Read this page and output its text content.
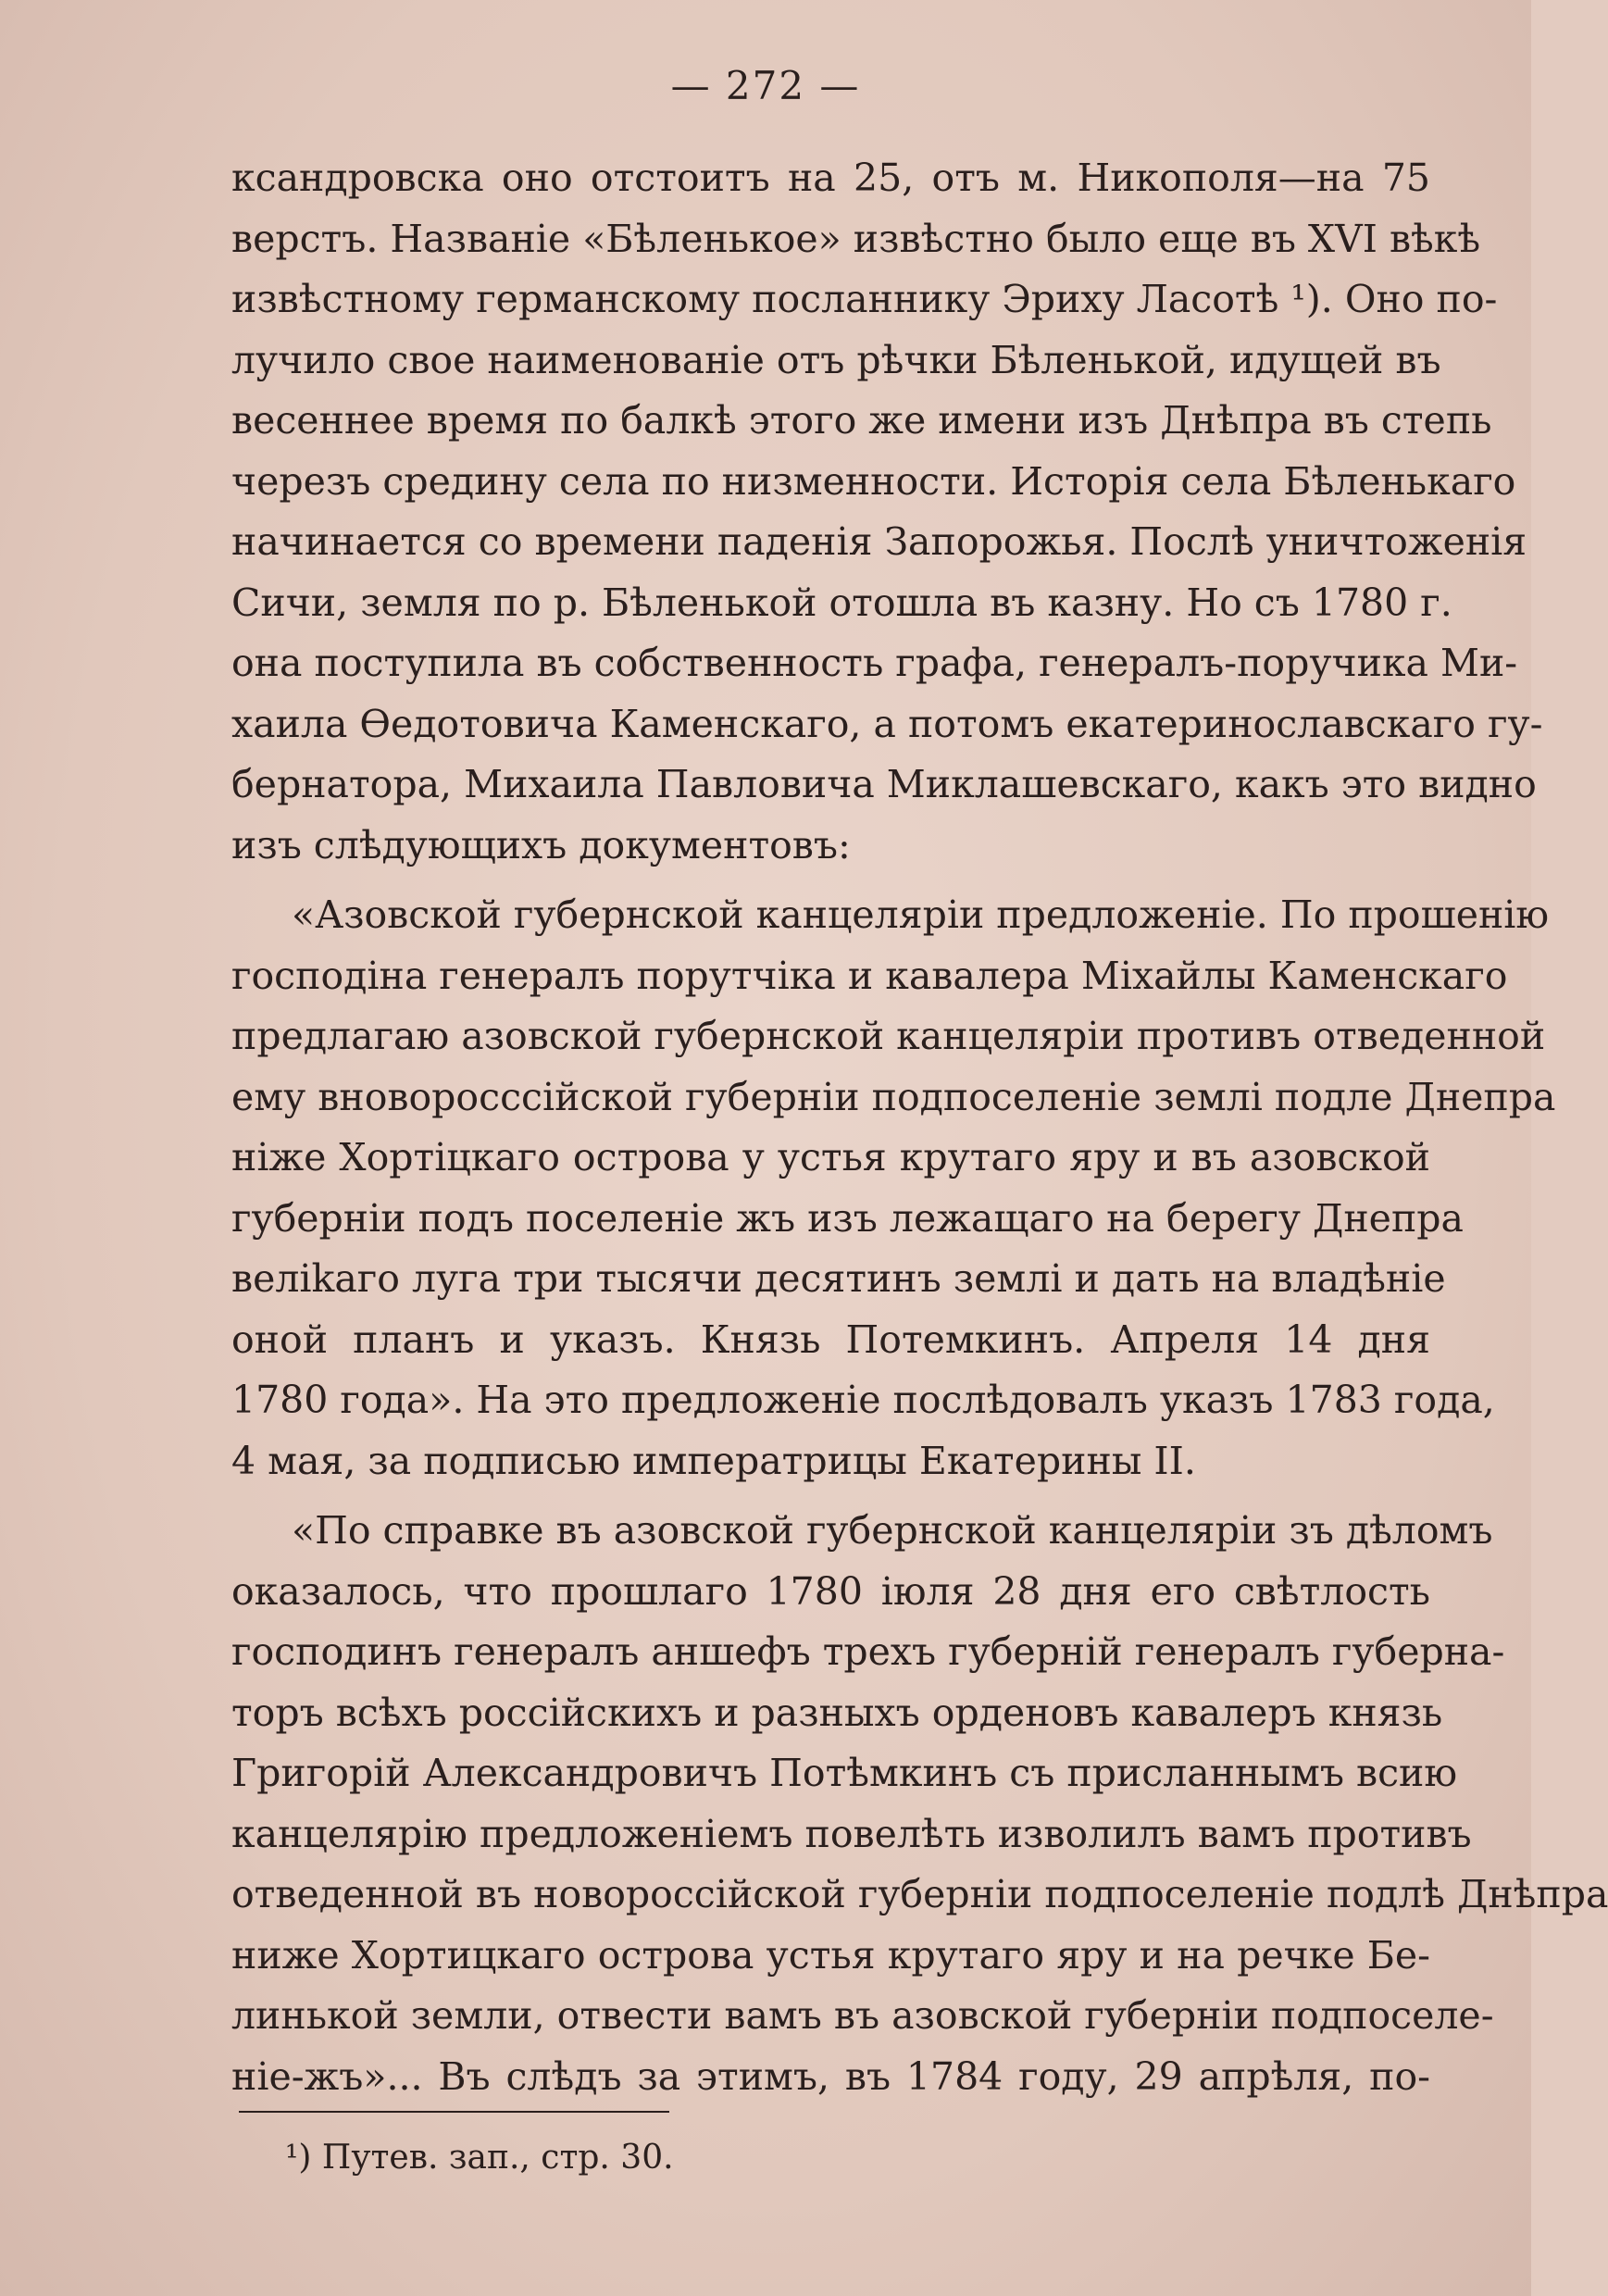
— 272 —
ксандровска оно отстоитъ на 25, отъ м. Никополя—на 75
верстъ. Названіе «Бѣленькое» извѣстно было еще въ XVI вѣкѣ
извѣстному германскому посланнику Эриху Ласотѣ ¹). Оно по-
лучило свое наименованіе отъ рѣчки Бѣленькой, идущей въ
весеннее время по балкѣ этого же имени изъ Днѣпра въ степь
черезъ средину села по низменности. Исторія села Бѣленькаго
начинается со времени паденія Запорожья. Послѣ уничтоженія
Сичи, земля по р. Бѣленькой отошла въ казну. Но съ 1780 г.
она поступила въ собственность графа, генералъ-поручика Ми-
хаила Ѳедотовича Каменскаго, а потомъ екатеринославскаго гу-
бернатора, Михаила Павловича Миклашевскаго, какъ это видно
изъ слѣдующихъ документовъ:
«Азовской губернской канцеляріи предложеніе. По прошенію
господіна генералъ порутчіка и кавалера Міхайлы Каменскаго
предлагаю азовской губернской канцеляріи противъ отведенной
ему вноворосссійской губерніи подпоселеніе землі подле Днепра
ніже Хортіцкаго острова у устья крутаго яру и въ азовской
губерніи подъ поселеніе жъ изъ лежащаго на берегу Днепра
веліkаго луга три тысячи десятинъ землі и дать на владѣніе
оной планъ и указъ. Князь Потемкинъ. Апреля 14 дня
1780 года». На это предложеніе послѣдовалъ указъ 1783 года,
4 мая, за подписью императрицы Екатерины II.
«По справке въ азовской губернской канцеляріи зъ дѣломъ
оказалось, что прошлаго 1780 іюля 28 дня его свѣтлость
господинъ генералъ аншефъ трехъ губерній генералъ губерна-
торъ всѣхъ россійскихъ и разныхъ орденовъ кавалеръ князь
Григорій Александровичъ Потѣмкинъ съ присланнымъ всию
канцелярію предложеніемъ повелѣть изволилъ вамъ противъ
отведенной въ новороссійской губерніи подпоселеніе подлѣ Днѣпра
ниже Хортицкаго острова устья крутаго яру и на речке Бе-
линькой земли, отвести вамъ въ азовской губерніи подпоселе-
ніе-жъ»... Въ слѣдъ за этимъ, въ 1784 году, 29 апрѣля, по-
¹) Путев. зап., стр. 30.
